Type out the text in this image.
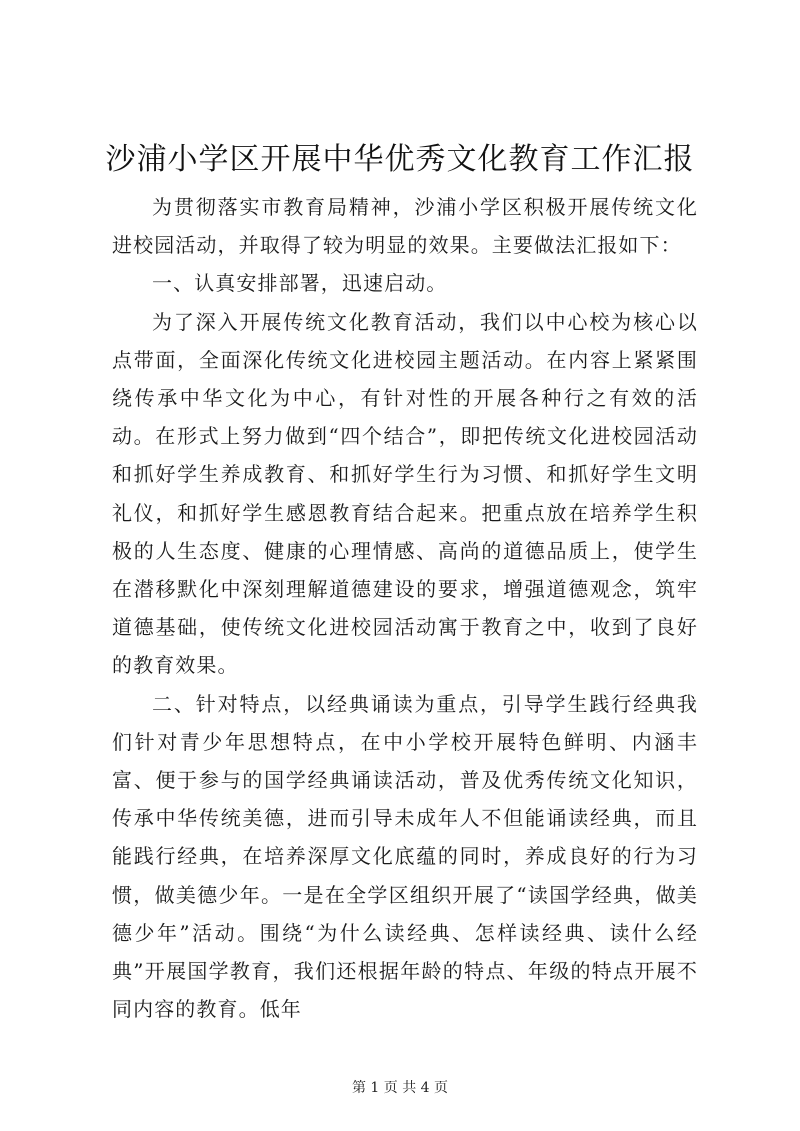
沙浦小学区开展中华优秀文化教育工作汇报

为贯彻落实市教育局精神，沙浦小学区积极开展传统文化进校园活动，并取得了较为明显的效果。主要做法汇报如下：

一、认真安排部署，迅速启动。

为了深入开展传统文化教育活动，我们以中心校为核心以点带面，全面深化传统文化进校园主题活动。在内容上紧紧围绕传承中华文化为中心，有针对性的开展各种行之有效的活动。在形式上努力做到“四个结合”，即把传统文化进校园活动和抓好学生养成教育、和抓好学生行为习惯、和抓好学生文明礼仪，和抓好学生感恩教育结合起来。把重点放在培养学生积极的人生态度、健康的心理情感、高尚的道德品质上，使学生在潜移默化中深刻理解道德建设的要求，增强道德观念，筑牢道德基础，使传统文化进校园活动寓于教育之中，收到了良好的教育效果。

二、针对特点，以经典诵读为重点，引导学生践行经典我们针对青少年思想特点，在中小学校开展特色鲜明、内涵丰富、便于参与的国学经典诵读活动，普及优秀传统文化知识，传承中华传统美德，进而引导未成年人不但能诵读经典，而且能践行经典，在培养深厚文化底蕴的同时，养成良好的行为习惯，做美德少年。一是在全学区组织开展了“读国学经典，做美德少年”活动。围绕“为什么读经典、怎样读经典、读什么经典”开展国学教育，我们还根据年龄的特点、年级的特点开展不同内容的教育。低年

第 1 页 共 4 页
